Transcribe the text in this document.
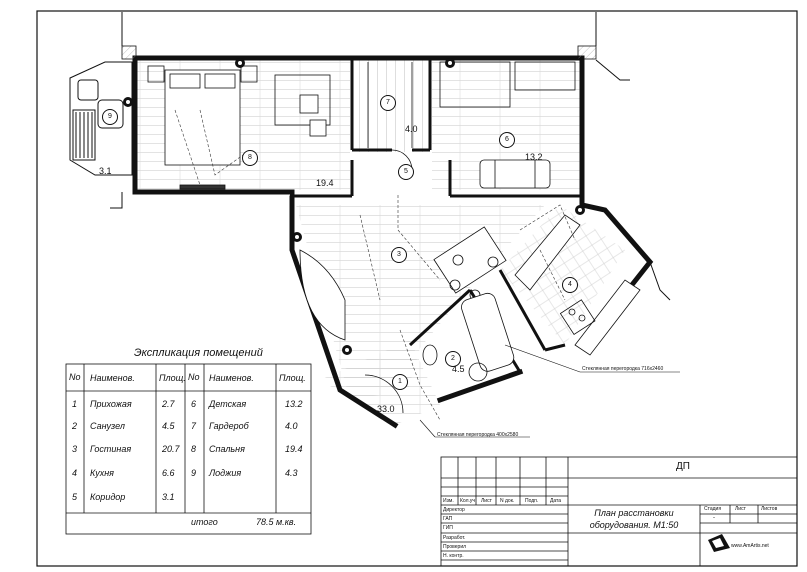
1
33.0
2
4.5
3
4
5
6
13.2
7
4.0
8
19.4
9
3.1
Стеклянная перегородка 716x2460
Стеклянная перегородка 400x2580
Экспликация помещений
No Наименов.	Площ. No Наименов.	Площ.
1 Прихожая	2.7 6 Детская	13.2
2 Санузел	4.5 7 Гардероб	4.0
3 Гостиная	20.7 8 Спальня	19.4
4 Кухня	6.6 9 Лоджия	4.3
5 Коридор	3.1
итого	78.5 м.кв.
ДП
Изм. Кол.уч Лист N док. Подп. Дата
Директор
ГАП
ГИП
Разработ.
Проверил
Н. контр.
План расстановки
оборудования. М1:50
Стадия	Лист	Листов
-
www.AmArtis.net
